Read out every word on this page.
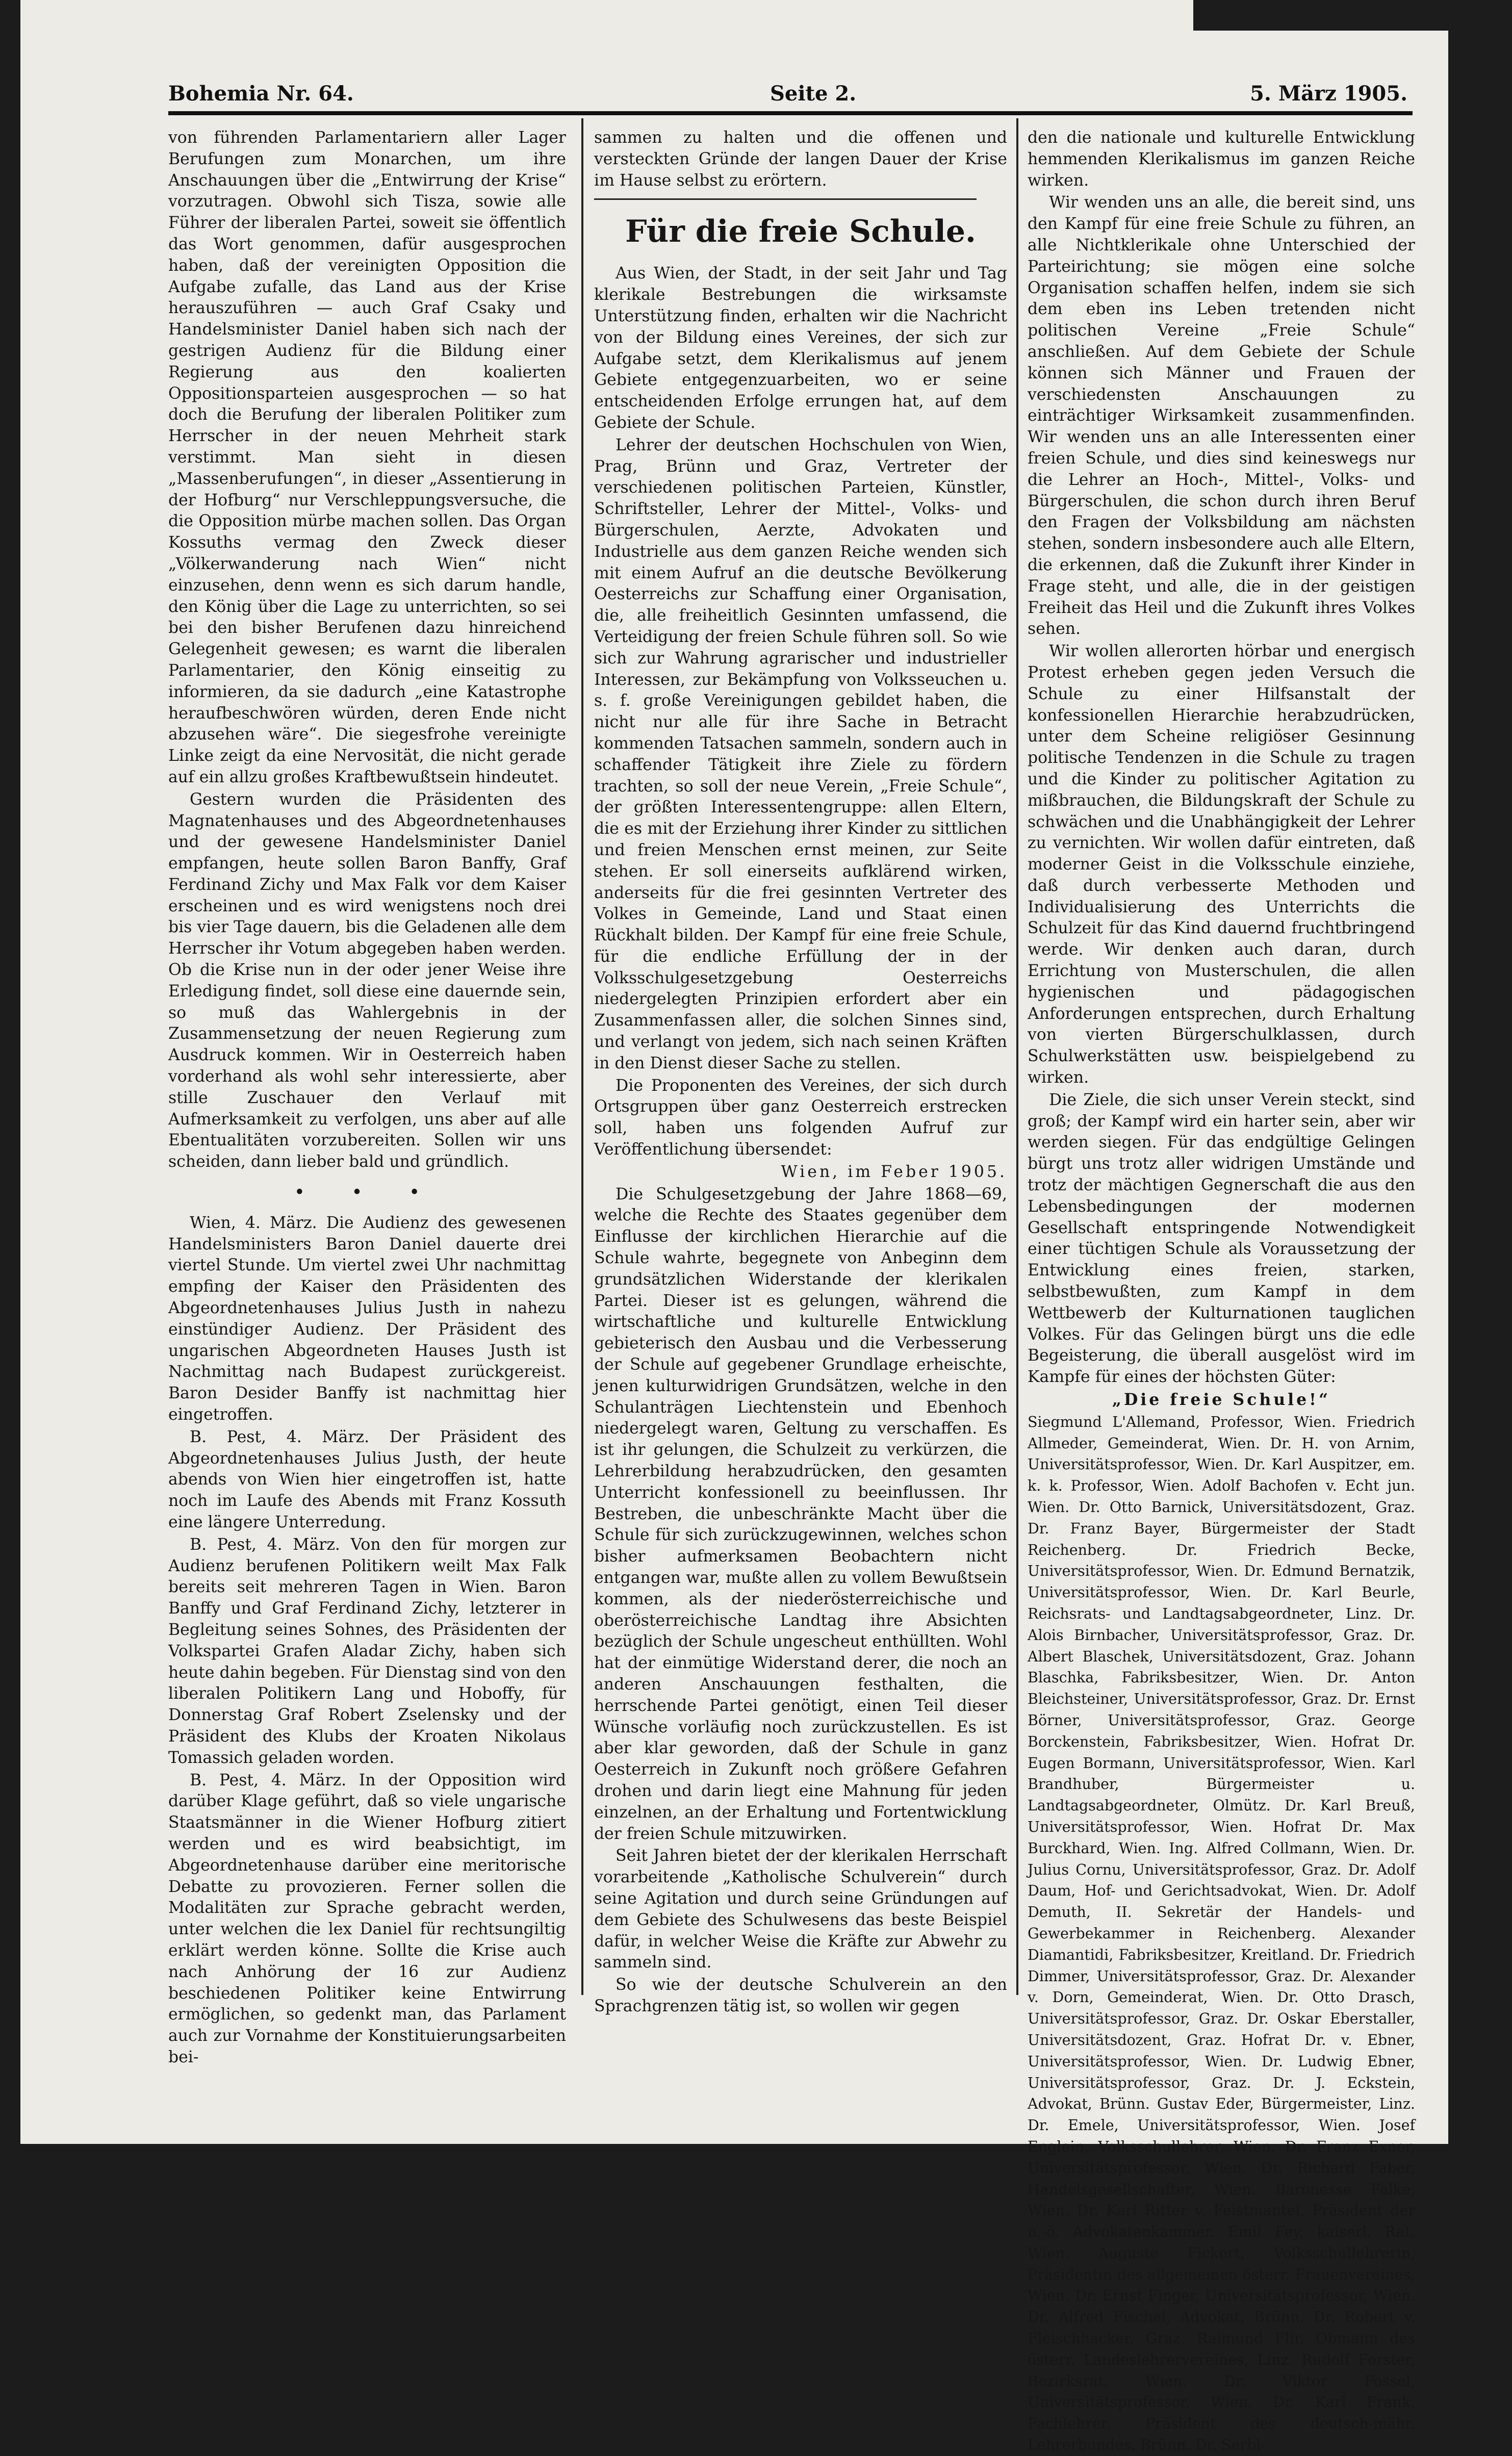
Bohemia Nr. 64.	Seite 2.	5. März 1905.

von führenden Parlamentariern aller Lager Berufungen zum Monarchen, um ihre Anschauungen über die „Entwirrung der Krise“ vorzutragen. Obwohl sich Tisza, sowie alle Führer der liberalen Partei, soweit sie öffentlich das Wort genommen, dafür ausgesprochen haben, daß der vereinigten Opposition die Aufgabe zufalle, das Land aus der Krise herauszuführen — auch Graf Csaky und Handelsminister Daniel haben sich nach der gestrigen Audienz für die Bildung einer Regierung aus den koalierten Oppositionsparteien ausgesprochen — so hat doch die Berufung der liberalen Politiker zum Herrscher in der neuen Mehrheit stark verstimmt. Man sieht in diesen „Massenberufungen“, in dieser „Assentierung in der Hofburg“ nur Verschleppungsversuche, die die Opposition mürbe machen sollen. Das Organ Kossuths vermag den Zweck dieser „Völkerwanderung nach Wien“ nicht einzusehen, denn wenn es sich darum handle, den König über die Lage zu unterrichten, so sei bei den bisher Berufenen dazu hinreichend Gelegenheit gewesen; es warnt die liberalen Parlamentarier, den König einseitig zu informieren, da sie dadurch „eine Katastrophe heraufbeschwören würden, deren Ende nicht abzusehen wäre“. Die siegesfrohe vereinigte Linke zeigt da eine Nervosität, die nicht gerade auf ein allzu großes Kraftbewußtsein hindeutet.

Gestern wurden die Präsidenten des Magnatenhauses und des Abgeordnetenhauses und der gewesene Handelsminister Daniel empfangen, heute sollen Baron Banffy, Graf Ferdinand Zichy und Max Falk vor dem Kaiser erscheinen und es wird wenigstens noch drei bis vier Tage dauern, bis die Geladenen alle dem Herrscher ihr Votum abgegeben haben werden. Ob die Krise nun in der oder jener Weise ihre Erledigung findet, soll diese eine dauernde sein, so muß das Wahlergebnis in der Zusammensetzung der neuen Regierung zum Ausdruck kommen. Wir in Oesterreich haben vorderhand als wohl sehr interessierte, aber stille Zuschauer den Verlauf mit Aufmerksamkeit zu verfolgen, uns aber auf alle Ebentualitäten vorzubereiten. Sollen wir uns scheiden, dann lieber bald und gründlich.

• • •

Wien, 4. März. Die Audienz des gewesenen Handelsministers Baron Daniel dauerte drei viertel Stunde. Um viertel zwei Uhr nachmittag empfing der Kaiser den Präsidenten des Abgeordnetenhauses Julius Justh in nahezu einstündiger Audienz. Der Präsident des ungarischen Abgeordneten Hauses Justh ist Nachmittag nach Budapest zurückgereist. Baron Desider Banffy ist nachmittag hier eingetroffen.

B. Pest, 4. März. Der Präsident des Abgeordnetenhauses Julius Justh, der heute abends von Wien hier eingetroffen ist, hatte noch im Laufe des Abends mit Franz Kossuth eine längere Unterredung.

B. Pest, 4. März. Von den für morgen zur Audienz berufenen Politikern weilt Max Falk bereits seit mehreren Tagen in Wien. Baron Banffy und Graf Ferdinand Zichy, letzterer in Begleitung seines Sohnes, des Präsidenten der Volkspartei Grafen Aladar Zichy, haben sich heute dahin begeben. Für Dienstag sind von den liberalen Politikern Lang und Hoboffy, für Donnerstag Graf Robert Zselensky und der Präsident des Klubs der Kroaten Nikolaus Tomassich geladen worden.

B. Pest, 4. März. In der Opposition wird darüber Klage geführt, daß so viele ungarische Staatsmänner in die Wiener Hofburg zitiert werden und es wird beabsichtigt, im Abgeordnetenhause darüber eine meritorische Debatte zu provozieren. Ferner sollen die Modalitäten zur Sprache gebracht werden, unter welchen die lex Daniel für rechtsungiltig erklärt werden könne. Sollte die Krise auch nach Anhörung der 16 zur Audienz beschiedenen Politiker keine Entwirrung ermöglichen, so gedenkt man, das Parlament auch zur Vornahme der Konstituierungsarbeiten bei-

sammen zu halten und die offenen und versteckten Gründe der langen Dauer der Krise im Hause selbst zu erörtern.

Für die freie Schule.

Aus Wien, der Stadt, in der seit Jahr und Tag klerikale Bestrebungen die wirksamste Unterstützung finden, erhalten wir die Nachricht von der Bildung eines Vereines, der sich zur Aufgabe setzt, dem Klerikalismus auf jenem Gebiete entgegenzuarbeiten, wo er seine entscheidenden Erfolge errungen hat, auf dem Gebiete der Schule.

Lehrer der deutschen Hochschulen von Wien, Prag, Brünn und Graz, Vertreter der verschiedenen politischen Parteien, Künstler, Schriftsteller, Lehrer der Mittel-, Volks- und Bürgerschulen, Aerzte, Advokaten und Industrielle aus dem ganzen Reiche wenden sich mit einem Aufruf an die deutsche Bevölkerung Oesterreichs zur Schaffung einer Organisation, die, alle freiheitlich Gesinnten umfassend, die Verteidigung der freien Schule führen soll. So wie sich zur Wahrung agrarischer und industrieller Interessen, zur Bekämpfung von Volksseuchen u. s. f. große Vereinigungen gebildet haben, die nicht nur alle für ihre Sache in Betracht kommenden Tatsachen sammeln, sondern auch in schaffender Tätigkeit ihre Ziele zu fördern trachten, so soll der neue Verein, „Freie Schule“, der größten Interessentengruppe: allen Eltern, die es mit der Erziehung ihrer Kinder zu sittlichen und freien Menschen ernst meinen, zur Seite stehen. Er soll einerseits aufklärend wirken, anderseits für die frei gesinnten Vertreter des Volkes in Gemeinde, Land und Staat einen Rückhalt bilden. Der Kampf für eine freie Schule, für die endliche Erfüllung der in der Volksschulgesetzgebung Oesterreichs niedergelegten Prinzipien erfordert aber ein Zusammenfassen aller, die solchen Sinnes sind, und verlangt von jedem, sich nach seinen Kräften in den Dienst dieser Sache zu stellen.

Die Proponenten des Vereines, der sich durch Ortsgruppen über ganz Oesterreich erstrecken soll, haben uns folgenden Aufruf zur Veröffentlichung übersendet:

Wien, im Feber 1905.

Die Schulgesetzgebung der Jahre 1868—69, welche die Rechte des Staates gegenüber dem Einflusse der kirchlichen Hierarchie auf die Schule wahrte, begegnete von Anbeginn dem grundsätzlichen Widerstande der klerikalen Partei. Dieser ist es gelungen, während die wirtschaftliche und kulturelle Entwicklung gebieterisch den Ausbau und die Verbesserung der Schule auf gegebener Grundlage erheischte, jenen kulturwidrigen Grundsätzen, welche in den Schulanträgen Liechtenstein und Ebenhoch niedergelegt waren, Geltung zu verschaffen. Es ist ihr gelungen, die Schulzeit zu verkürzen, die Lehrerbildung herabzudrücken, den gesamten Unterricht konfessionell zu beeinflussen. Ihr Bestreben, die unbeschränkte Macht über die Schule für sich zurückzugewinnen, welches schon bisher aufmerksamen Beobachtern nicht entgangen war, mußte allen zu vollem Bewußtsein kommen, als der niederösterreichische und oberösterreichische Landtag ihre Absichten bezüglich der Schule ungescheut enthüllten. Wohl hat der einmütige Widerstand derer, die noch an anderen Anschauungen festhalten, die herrschende Partei genötigt, einen Teil dieser Wünsche vorläufig noch zurückzustellen. Es ist aber klar geworden, daß der Schule in ganz Oesterreich in Zukunft noch größere Gefahren drohen und darin liegt eine Mahnung für jeden einzelnen, an der Erhaltung und Fortentwicklung der freien Schule mitzuwirken.

Seit Jahren bietet der der klerikalen Herrschaft vorarbeitende „Katholische Schulverein“ durch seine Agitation und durch seine Gründungen auf dem Gebiete des Schulwesens das beste Beispiel dafür, in welcher Weise die Kräfte zur Abwehr zu sammeln sind.

So wie der deutsche Schulverein an den Sprachgrenzen tätig ist, so wollen wir gegen

den die nationale und kulturelle Entwicklung hemmenden Klerikalismus im ganzen Reiche wirken.

Wir wenden uns an alle, die bereit sind, uns den Kampf für eine freie Schule zu führen, an alle Nichtklerikale ohne Unterschied der Parteirichtung; sie mögen eine solche Organisation schaffen helfen, indem sie sich dem eben ins Leben tretenden nicht politischen Vereine „Freie Schule“ anschließen. Auf dem Gebiete der Schule können sich Männer und Frauen der verschiedensten Anschauungen zu einträchtiger Wirksamkeit zusammenfinden. Wir wenden uns an alle Interessenten einer freien Schule, und dies sind keineswegs nur die Lehrer an Hoch-, Mittel-, Volks- und Bürgerschulen, die schon durch ihren Beruf den Fragen der Volksbildung am nächsten stehen, sondern insbesondere auch alle Eltern, die erkennen, daß die Zukunft ihrer Kinder in Frage steht, und alle, die in der geistigen Freiheit das Heil und die Zukunft ihres Volkes sehen.

Wir wollen allerorten hörbar und energisch Protest erheben gegen jeden Versuch die Schule zu einer Hilfsanstalt der konfessionellen Hierarchie herabzudrücken, unter dem Scheine religiöser Gesinnung politische Tendenzen in die Schule zu tragen und die Kinder zu politischer Agitation zu mißbrauchen, die Bildungskraft der Schule zu schwächen und die Unabhängigkeit der Lehrer zu vernichten. Wir wollen dafür eintreten, daß moderner Geist in die Volksschule einziehe, daß durch verbesserte Methoden und Individualisierung des Unterrichts die Schulzeit für das Kind dauernd fruchtbringend werde. Wir denken auch daran, durch Errichtung von Musterschulen, die allen hygienischen und pädagogischen Anforderungen entsprechen, durch Erhaltung von vierten Bürgerschulklassen, durch Schulwerkstätten usw. beispielgebend zu wirken.

Die Ziele, die sich unser Verein steckt, sind groß; der Kampf wird ein harter sein, aber wir werden siegen. Für das endgültige Gelingen bürgt uns trotz aller widrigen Umstände und trotz der mächtigen Gegnerschaft die aus den Lebensbedingungen der modernen Gesellschaft entspringende Notwendigkeit einer tüchtigen Schule als Voraussetzung der Entwicklung eines freien, starken, selbstbewußten, zum Kampf in dem Wettbewerb der Kulturnationen tauglichen Volkes. Für das Gelingen bürgt uns die edle Begeisterung, die überall ausgelöst wird im Kampfe für eines der höchsten Güter:

„Die freie Schule!“

Siegmund L'Allemand, Professor, Wien. Friedrich Allmeder, Gemeinderat, Wien. Dr. H. von Arnim, Universitätsprofessor, Wien. Dr. Karl Auspitzer, em. k. k. Professor, Wien. Adolf Bachofen v. Echt jun. Wien. Dr. Otto Barnick, Universitätsdozent, Graz. Dr. Franz Bayer, Bürgermeister der Stadt Reichenberg. Dr. Friedrich Becke, Universitätsprofessor, Wien. Dr. Edmund Bernatzik, Universitätsprofessor, Wien. Dr. Karl Beurle, Reichsrats- und Landtagsabgeordneter, Linz. Dr. Alois Birnbacher, Universitätsprofessor, Graz. Dr. Albert Blaschek, Universitätsdozent, Graz. Johann Blaschka, Fabriksbesitzer, Wien. Dr. Anton Bleichsteiner, Universitätsprofessor, Graz. Dr. Ernst Börner, Universitätsprofessor, Graz. George Borckenstein, Fabriksbesitzer, Wien. Hofrat Dr. Eugen Bormann, Universitätsprofessor, Wien. Karl Brandhuber, Bürgermeister u. Landtagsabgeordneter, Olmütz. Dr. Karl Breuß, Universitätsprofessor, Wien. Hofrat Dr. Max Burckhard, Wien. Ing. Alfred Collmann, Wien. Dr. Julius Cornu, Universitätsprofessor, Graz. Dr. Adolf Daum, Hof- und Gerichtsadvokat, Wien. Dr. Adolf Demuth, II. Sekretär der Handels- und Gewerbekammer in Reichenberg. Alexander Diamantidi, Fabriksbesitzer, Kreitland. Dr. Friedrich Dimmer, Universitätsprofessor, Graz. Dr. Alexander v. Dorn, Gemeinderat, Wien. Dr. Otto Drasch, Universitätsprofessor, Graz. Dr. Oskar Eberstaller, Universitätsdozent, Graz. Hofrat Dr. v. Ebner, Universitätsprofessor, Wien. Dr. Ludwig Ebner, Universitätsprofessor, Graz. Dr. J. Eckstein, Advokat, Brünn. Gustav Eder, Bürgermeister, Linz. Dr. Emele, Universitätsprofessor, Wien. Josef Englein, Volksschullehrer, Wien. Dr. Franz Exner, Universitätsprofessor, Wien. Dr. Richard Faber, Handelsgesellschafter, Wien. Baronesse Falke, Wien. Dr. Karl Ritter v. Feistmantel, Präsident der n.-ö. Advokatenkammer. Emil Fey, kaiserl. Rat, Wien. Auguste Fickert, Volksschullehrerin, Präsidentin des allgemeinen österr. Frauenvereines, Wien. Dr. Ernst Finger, Universitätsprofessor, Wien. Dr. Alfred Fischel, Advokat, Brünn. Dr. Robert v. Fleischhacker, Graz. Raimund Flir, Obmann des österr. Landeslehrervereines, Linz. Rudolf Forster, Bezirksrat, Wien. Dr. Viktor Fossel, Universitätsprofessor, Wien. Dr. Karl Frank, Fachlehrer, Präsident des deutsch-mähr. Lehrerbundes, Brünn. Dr. Serbl-
